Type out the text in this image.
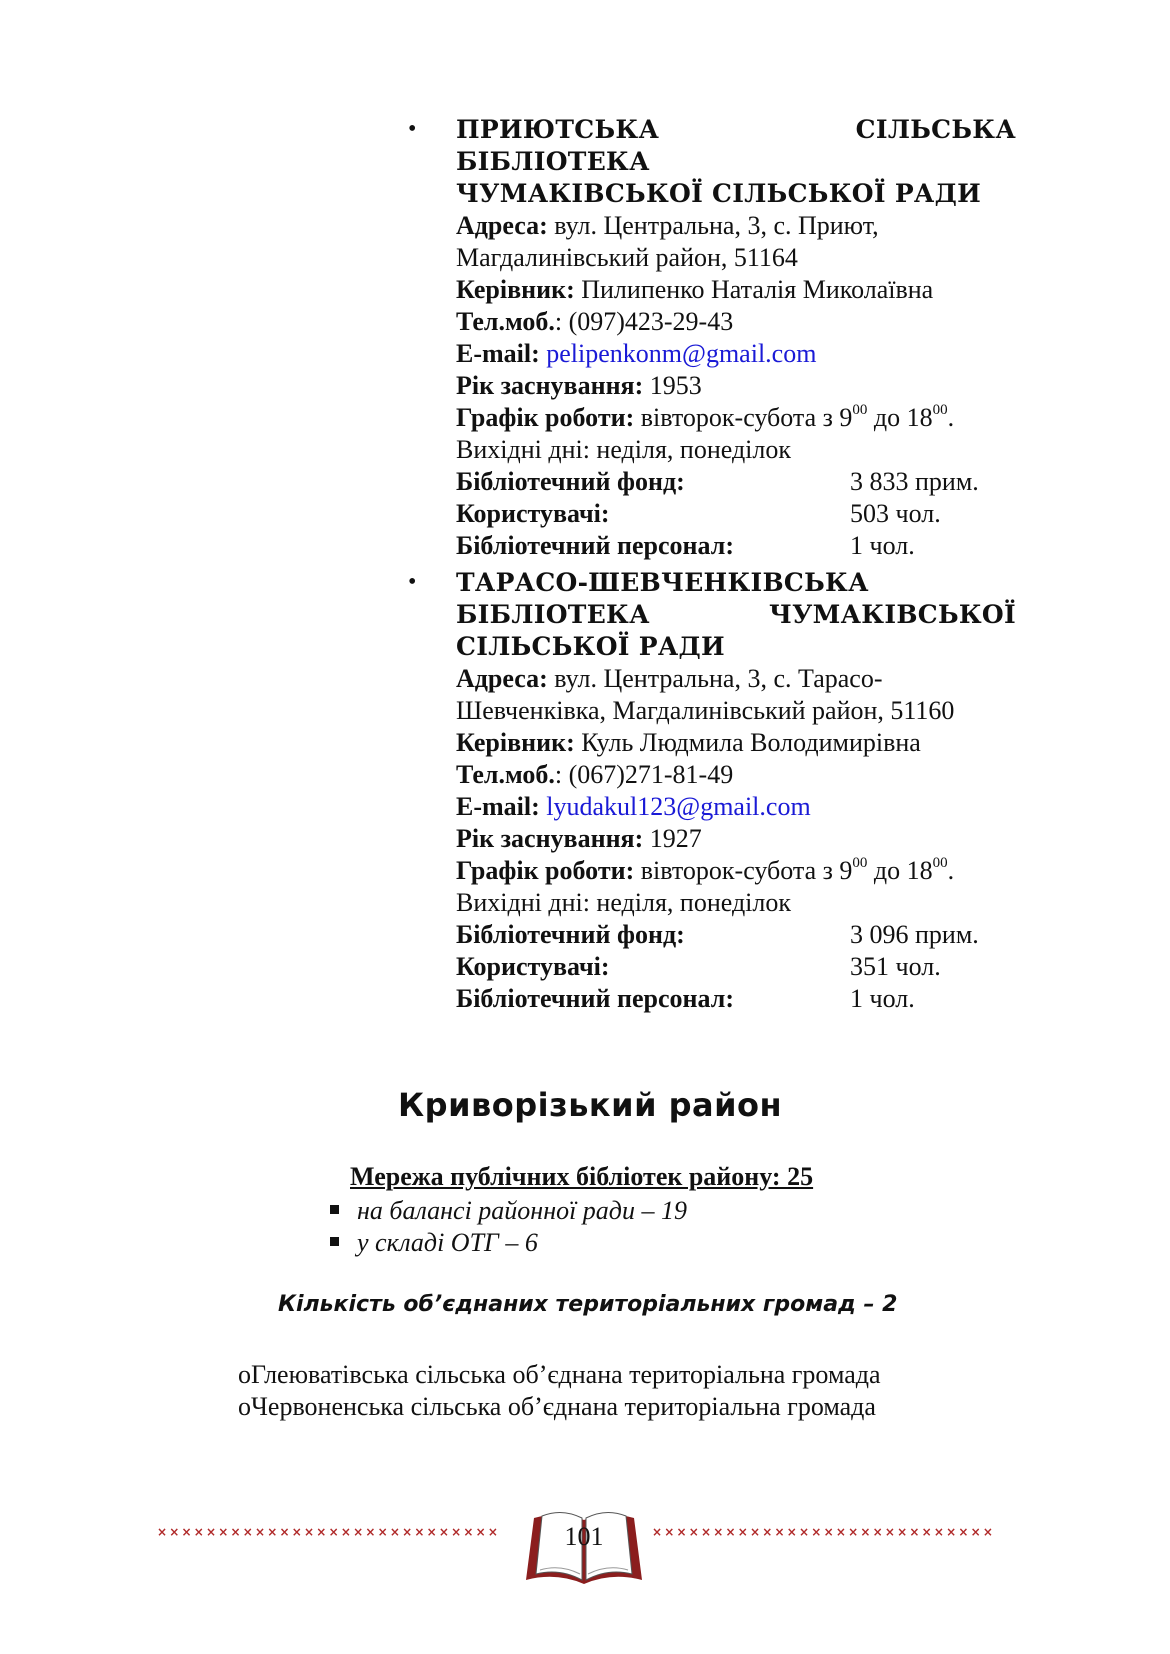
• ПРИЮТСЬКА СІЛЬСЬКА БІБЛІОТЕКА
ЧУМАКІВСЬКОЇ СІЛЬСЬКОЇ РАДИ
Адреса: вул. Центральна, 3, с. Приют,
Магдалинівський район, 51164
Керівник: Пилипенко Наталія Миколаївна
Тел.моб.: (097)423-29-43
E-mail: pelipenkonm@gmail.com
Рік заснування: 1953
Графік роботи: вівторок-субота з $9^{00}$ до $18^{00}$.
Вихідні дні: неділя, понеділок
Бібліотечний фонд:	3 833 прим.
Користувачі:	503 чол.
Бібліотечний персонал:	1 чол.
• ТАРАСО-ШЕВЧЕНКІВСЬКА
БІБЛІОТЕКА	ЧУМАКІВСЬКОЇ
СІЛЬСЬКОЇ РАДИ
Адреса: вул. Центральна, 3, с. Тарасо-
Шевченківка, Магдалинівський район, 51160
Керівник: Куль Людмила Володимирівна
Тел.моб.: (067)271-81-49
E-mail: lyudakul123@gmail.com
Рік заснування: 1927
Графік роботи: вівторок-субота з $9^{00}$ до $18^{00}$.
Вихідні дні: неділя, понеділок
Бібліотечний фонд:	3 096 прим.
Користувачі:	351 чол.
Бібліотечний персонал:	1 чол.
Криворізький район
Мережа публічних бібліотек району: 25
на балансі районної ради – 19
у складі ОТГ – 6
Кількість об’єднаних територіальних громад – 2
oГлеюватівська сільська об’єднана територіальна громада
oЧервоненська сільська об’єднана територіальна громада
××××××××××××××××××××××××××××	××××××××××××××××××××××××××××
101
